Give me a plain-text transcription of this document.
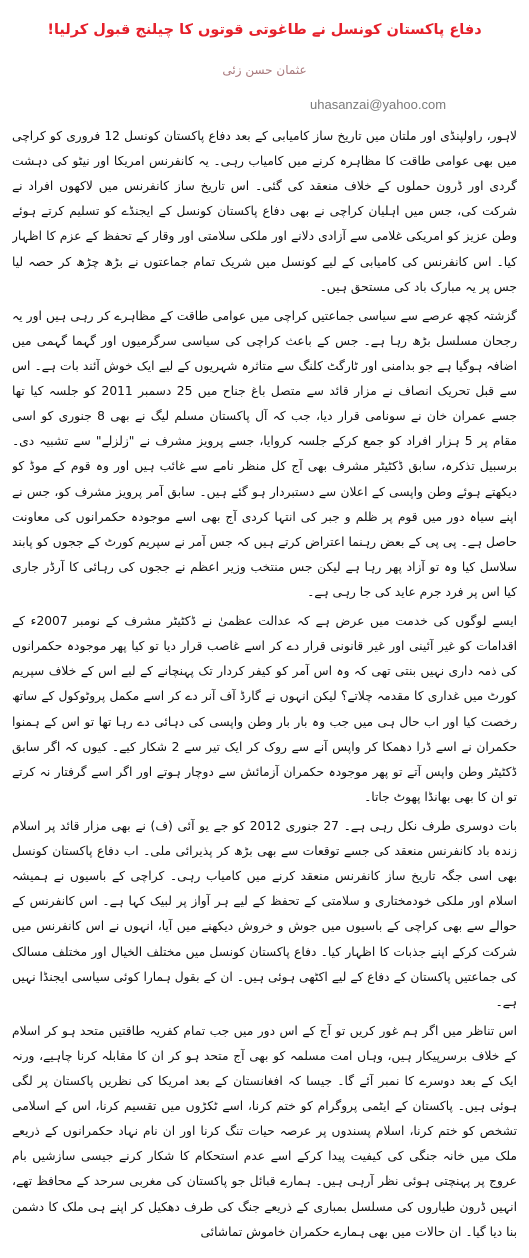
دفاع پاکستان کونسل نے طاغوتی قوتوں کا چیلنج قبول کرلیا!
عثمان حسن زئی
uhasanzai@yahoo.com

لاہور، راولپنڈی اور ملتان میں تاریخ ساز کامیابی کے بعد دفاع پاکستان کونسل 12 فروری کو کراچی میں بھی عوامی طاقت کا مظاہرہ کرنے میں کامیاب رہی۔ یہ کانفرنس امریکا اور نیٹو کی دہشت گردی اور ڈرون حملوں کے خلاف منعقد کی گئی۔ اس تاریخ ساز کانفرنس میں لاکھوں افراد نے شرکت کی، جس میں اہلیان کراچی نے بھی دفاع پاکستان کونسل کے ایجنڈے کو تسلیم کرتے ہوئے وطن عزیز کو امریکی غلامی سے آزادی دلانے اور ملکی سلامتی اور وقار کے تحفظ کے عزم کا اظہار کیا۔ اس کانفرنس کی کامیابی کے لیے کونسل میں شریک تمام جماعتوں نے بڑھ چڑھ کر حصہ لیا جس پر یہ مبارک باد کی مستحق ہیں۔

گزشتہ کچھ عرصے سے سیاسی جماعتیں کراچی میں عوامی طاقت کے مظاہرے کر رہی ہیں اور یہ رجحان مسلسل بڑھ رہا ہے۔ جس کے باعث کراچی کی سیاسی سرگرمیوں اور گہما گہمی میں اضافہ ہوگیا ہے جو بدامنی اور ٹارگٹ کلنگ سے متاثرہ شہریوں کے لیے ایک خوش آئند بات ہے۔ اس سے قبل تحریک انصاف نے مزار قائد سے متصل باغ جناح میں 25 دسمبر 2011 کو جلسہ کیا تھا جسے عمران خان نے سونامی قرار دیا، جب کہ آل پاکستان مسلم لیگ نے بھی 8 جنوری کو اسی مقام پر 5 ہزار افراد کو جمع کرکے جلسہ کروایا، جسے پرویز مشرف نے "زلزلے" سے تشبیہ دی۔ برسبیل تذکرہ، سابق ڈکٹیٹر مشرف بھی آج کل منظر نامے سے غائب ہیں اور وہ قوم کے موڈ کو دیکھتے ہوئے وطن واپسی کے اعلان سے دستبردار ہو گئے ہیں۔ سابق آمر پرویز مشرف کو، جس نے اپنے سیاہ دور میں قوم پر ظلم و جبر کی انتہا کردی آج بھی اسے موجودہ حکمرانوں کی معاونت حاصل ہے۔ پی پی کے بعض رہنما اعتراض کرتے ہیں کہ جس آمر نے سپریم کورٹ کے ججوں کو پابند سلاسل کیا وہ تو آزاد پھر رہا ہے لیکن جس منتخب وزیر اعظم نے ججوں کی رہائی کا آرڈر جاری کیا اس پر فرد جرم عاید کی جا رہی ہے۔

ایسے لوگوں کی خدمت میں عرض ہے کہ عدالت عظمیٰ نے ڈکٹیٹر مشرف کے نومبر 2007ء کے اقدامات کو غیر آئینی اور غیر قانونی قرار دے کر اسے غاصب قرار دیا تو کیا پھر موجودہ حکمرانوں کی ذمہ داری نہیں بنتی تھی کہ وہ اس آمر کو کیفر کردار تک پہنچانے کے لیے اس کے خلاف سپریم کورٹ میں غداری کا مقدمہ چلاتے؟ لیکن انہوں نے گارڈ آف آنر دے کر اسے مکمل پروٹوکول کے ساتھ رخصت کیا اور اب حال ہی میں جب وہ بار بار وطن واپسی کی دہائی دے رہا تھا تو اس کے ہمنوا حکمران نے اسے ڈرا دھمکا کر واپس آنے سے روک کر ایک تیر سے 2 شکار کیے۔ کیوں کہ اگر سابق ڈکٹیٹر وطن واپس آتے تو پھر موجودہ حکمران آزمائش سے دوچار ہوتے اور اگر اسے گرفتار نہ کرتے تو ان کا بھی بھانڈا پھوٹ جاتا۔

بات دوسری طرف نکل رہی ہے۔ 27 جنوری 2012 کو جے یو آئی (ف) نے بھی مزار قائد پر اسلام زندہ باد کانفرنس منعقد کی جسے توقعات سے بھی بڑھ کر پذیرائی ملی۔ اب دفاع پاکستان کونسل بھی اسی جگہ تاریخ ساز کانفرنس منعقد کرنے میں کامیاب رہی۔ کراچی کے باسیوں نے ہمیشہ اسلام اور ملکی خودمختاری و سلامتی کے تحفظ کے لیے ہر آواز پر لبیک کہا ہے۔ اس کانفرنس کے حوالے سے بھی کراچی کے باسیوں میں جوش و خروش دیکھنے میں آیا، انہوں نے اس کانفرنس میں شرکت کرکے اپنے جذبات کا اظہار کیا۔ دفاع پاکستان کونسل میں مختلف الخیال اور مختلف مسالک کی جماعتیں پاکستان کے دفاع کے لیے اکٹھی ہوئی ہیں۔ ان کے بقول ہمارا کوئی سیاسی ایجنڈا نہیں ہے۔

اس تناظر میں اگر ہم غور کریں تو آج کے اس دور میں جب تمام کفریہ طاقتیں متحد ہو کر اسلام کے خلاف برسرپیکار ہیں، وہاں امت مسلمہ کو بھی آج متحد ہو کر ان کا مقابلہ کرنا چاہیے، ورنہ ایک کے بعد دوسرے کا نمبر آئے گا۔ جیسا کہ افغانستان کے بعد امریکا کی نظریں پاکستان پر لگی ہوئی ہیں۔ پاکستان کے ایٹمی پروگرام کو ختم کرنا، اسے ٹکڑوں میں تقسیم کرنا، اس کے اسلامی تشخص کو ختم کرنا، اسلام پسندوں پر عرصہ حیات تنگ کرنا اور ان نام نہاد حکمرانوں کے ذریعے ملک میں خانہ جنگی کی کیفیت پیدا کرکے اسے عدم استحکام کا شکار کرنے جیسی سازشیں بام عروج پر پہنچتی ہوئی نظر آرہی ہیں۔ ہمارے قبائل جو پاکستان کی مغربی سرحد کے محافظ تھے، انہیں ڈرون طیاروں کی مسلسل بمباری کے ذریعے جنگ کی طرف دھکیل کر اپنے ہی ملک کا دشمن بنا دیا گیا۔ ان حالات میں بھی ہمارے حکمران خاموش تماشائی
